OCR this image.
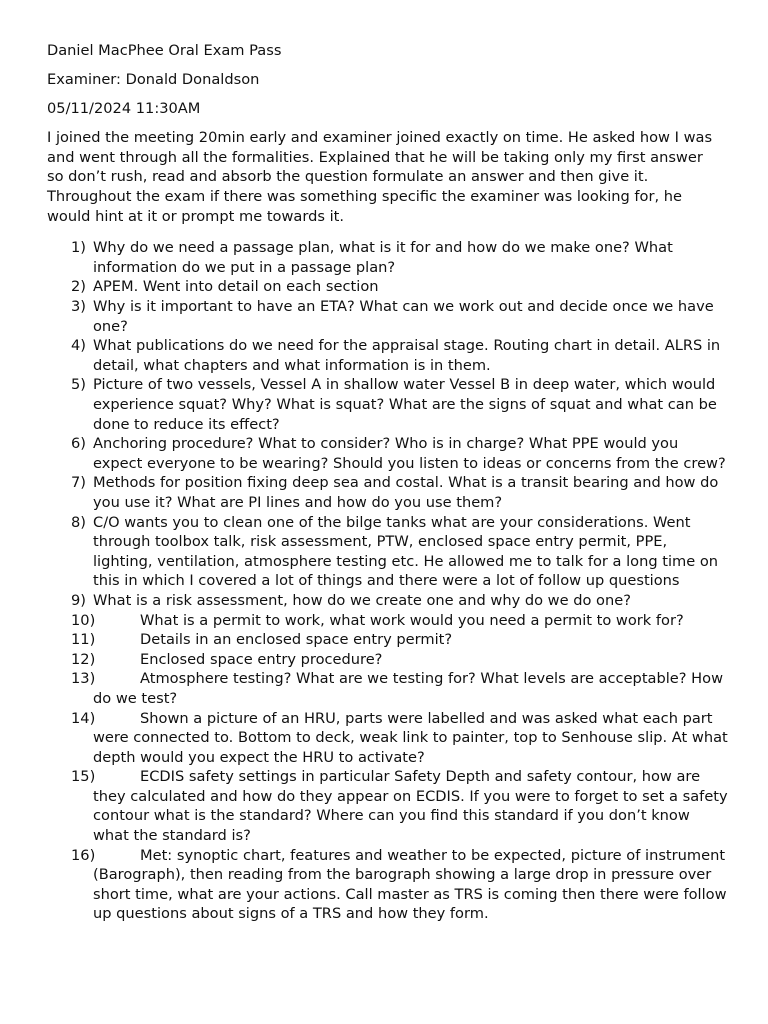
Daniel MacPhee Oral Exam Pass

Examiner: Donald Donaldson

05/11/2024 11:30AM

I joined the meeting 20min early and examiner joined exactly on time. He asked how I was and went through all the formalities. Explained that he will be taking only my first answer so don’t rush, read and absorb the question formulate an answer and then give it. Throughout the exam if there was something specific the examiner was looking for, he would hint at it or prompt me towards it.

1) Why do we need a passage plan, what is it for and how do we make one? What information do we put in a passage plan?
2) APEM. Went into detail on each section
3) Why is it important to have an ETA? What can we work out and decide once we have one?
4) What publications do we need for the appraisal stage. Routing chart in detail. ALRS in detail, what chapters and what information is in them.
5) Picture of two vessels, Vessel A in shallow water Vessel B in deep water, which would experience squat? Why? What is squat? What are the signs of squat and what can be done to reduce its effect?
6) Anchoring procedure? What to consider? Who is in charge? What PPE would you expect everyone to be wearing? Should you listen to ideas or concerns from the crew?
7) Methods for position fixing deep sea and costal. What is a transit bearing and how do you use it? What are PI lines and how do you use them?
8) C/O wants you to clean one of the bilge tanks what are your considerations. Went through toolbox talk, risk assessment, PTW, enclosed space entry permit, PPE, lighting, ventilation, atmosphere testing etc. He allowed me to talk for a long time on this in which I covered a lot of things and there were a lot of follow up questions
9) What is a risk assessment, how do we create one and why do we do one?
10)	What is a permit to work, what work would you need a permit to work for?
11)	Details in an enclosed space entry permit?
12)	Enclosed space entry procedure?
13)	Atmosphere testing? What are we testing for? What levels are acceptable? How do we test?
14)	Shown a picture of an HRU, parts were labelled and was asked what each part were connected to. Bottom to deck, weak link to painter, top to Senhouse slip. At what depth would you expect the HRU to activate?
15)	ECDIS safety settings in particular Safety Depth and safety contour, how are they calculated and how do they appear on ECDIS. If you were to forget to set a safety contour what is the standard? Where can you find this standard if you don’t know what the standard is?
16)	Met: synoptic chart, features and weather to be expected, picture of instrument (Barograph), then reading from the barograph showing a large drop in pressure over short time, what are your actions. Call master as TRS is coming then there were follow up questions about signs of a TRS and how they form.
